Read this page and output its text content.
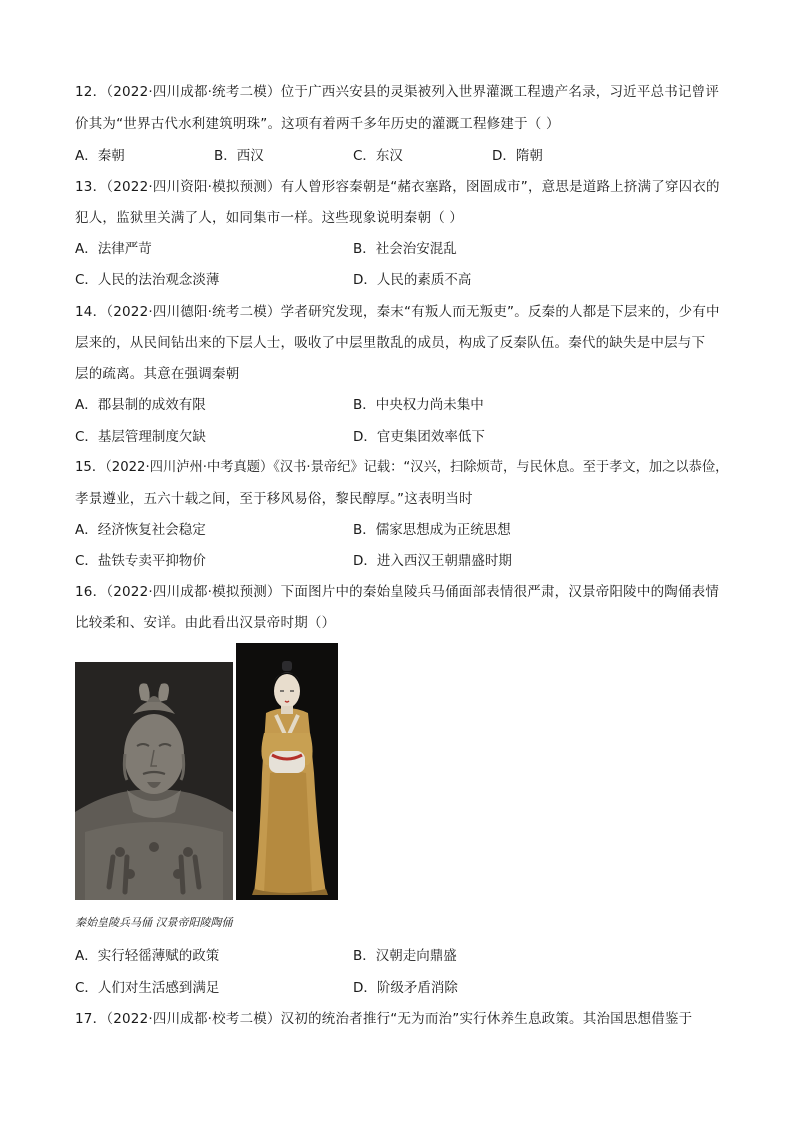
12．（2022·四川成都·统考二模）位于广西兴安县的灵渠被列入世界灌溉工程遗产名录，习近平总书记曾评
价其为“世界古代水利建筑明珠”。这项有着两千多年历史的灌溉工程修建于（ ）
A．秦朝	B．西汉	C．东汉	D．隋朝
13．（2022·四川资阳·模拟预测）有人曾形容秦朝是“赭衣塞路，囹圄成市”，意思是道路上挤满了穿囚衣的
犯人，监狱里关满了人，如同集市一样。这些现象说明秦朝（ ）
A．法律严苛	B．社会治安混乱
C．人民的法治观念淡薄	D．人民的素质不高
14．（2022·四川德阳·统考二模）学者研究发现，秦末“有叛人而无叛吏”。反秦的人都是下层来的，少有中
层来的，从民间钻出来的下层人士，吸收了中层里散乱的成员，构成了反秦队伍。秦代的缺失是中层与下
层的疏离。其意在强调秦朝
A．郡县制的成效有限	B．中央权力尚未集中
C．基层管理制度欠缺	D．官吏集团效率低下
15．（2022·四川泸州·中考真题）《汉书·景帝纪》记载：“汉兴，扫除烦苛，与民休息。至于孝文，加之以恭俭，
孝景遵业，五六十载之间，至于移风易俗，黎民醇厚。”这表明当时
A．经济恢复社会稳定	B．儒家思想成为正统思想
C．盐铁专卖平抑物价	D．进入西汉王朝鼎盛时期
16．（2022·四川成都·模拟预测）下面图片中的秦始皇陵兵马俑面部表情很严肃，汉景帝阳陵中的陶俑表情
比较柔和、安详。由此看出汉景帝时期（）
秦始皇陵兵马俑 汉景帝阳陵陶俑
A．实行轻徭薄赋的政策	B．汉朝走向鼎盛
C．人们对生活感到满足	D．阶级矛盾消除
17．（2022·四川成都·校考二模）汉初的统治者推行“无为而治”实行休养生息政策。其治国思想借鉴于
